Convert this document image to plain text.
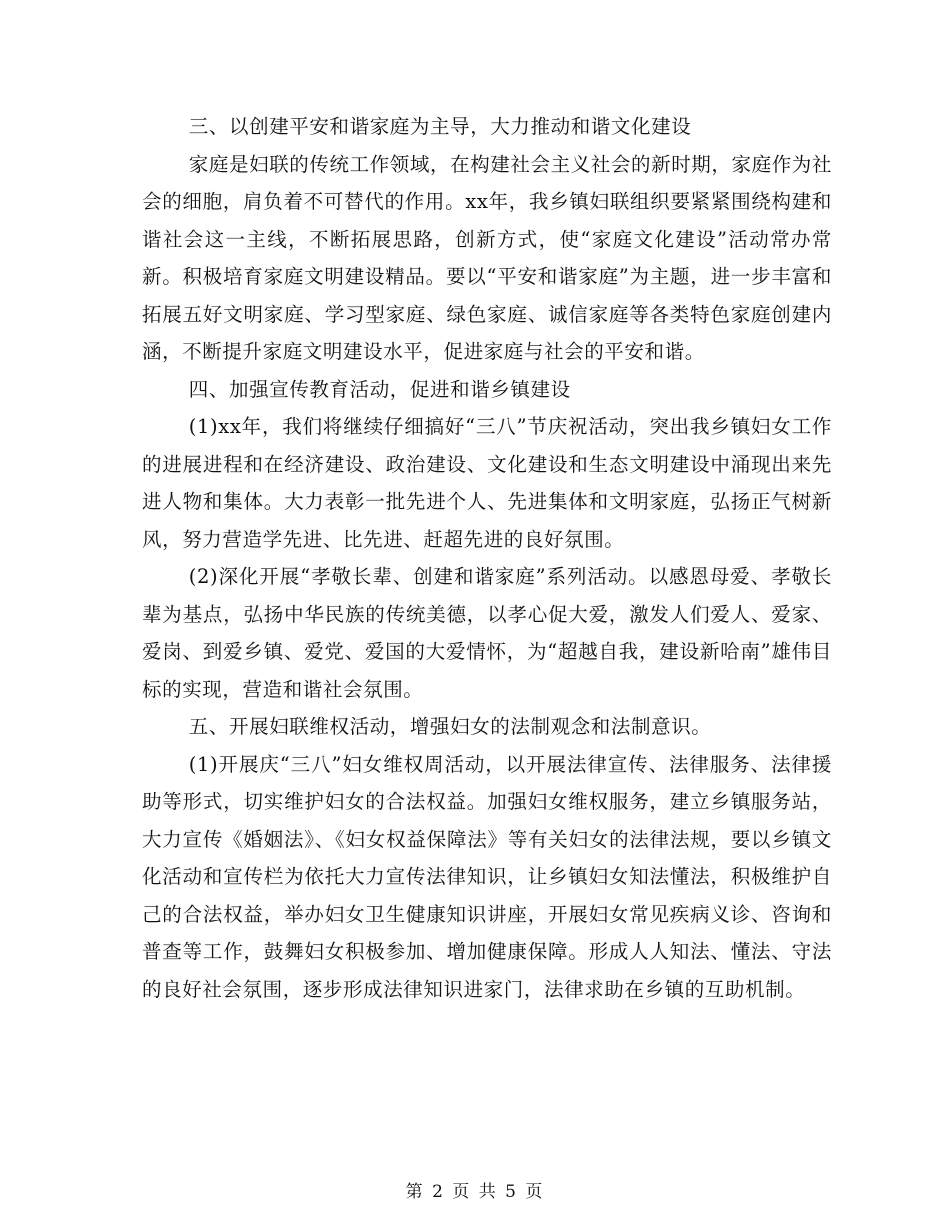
三、以创建平安和谐家庭为主导，大力推动和谐文化建设

家庭是妇联的传统工作领域，在构建社会主义社会的新时期，家庭作为社会的细胞，肩负着不可替代的作用。xx年，我乡镇妇联组织要紧紧围绕构建和谐社会这一主线，不断拓展思路，创新方式，使“家庭文化建设”活动常办常新。积极培育家庭文明建设精品。要以“平安和谐家庭”为主题，进一步丰富和拓展五好文明家庭、学习型家庭、绿色家庭、诚信家庭等各类特色家庭创建内涵，不断提升家庭文明建设水平，促进家庭与社会的平安和谐。

四、加强宣传教育活动，促进和谐乡镇建设

(1)xx年，我们将继续仔细搞好“三八”节庆祝活动，突出我乡镇妇女工作的进展进程和在经济建设、政治建设、文化建设和生态文明建设中涌现出来先进人物和集体。大力表彰一批先进个人、先进集体和文明家庭，弘扬正气树新风，努力营造学先进、比先进、赶超先进的良好氛围。

(2)深化开展“孝敬长辈、创建和谐家庭”系列活动。以感恩母爱、孝敬长辈为基点，弘扬中华民族的传统美德，以孝心促大爱，激发人们爱人、爱家、爱岗、到爱乡镇、爱党、爱国的大爱情怀，为“超越自我，建设新哈南”雄伟目标的实现，营造和谐社会氛围。

五、开展妇联维权活动，增强妇女的法制观念和法制意识。

(1)开展庆“三八”妇女维权周活动，以开展法律宣传、法律服务、法律援助等形式，切实维护妇女的合法权益。加强妇女维权服务，建立乡镇服务站，大力宣传《婚姻法》、《妇女权益保障法》等有关妇女的法律法规，要以乡镇文化活动和宣传栏为依托大力宣传法律知识，让乡镇妇女知法懂法，积极维护自己的合法权益，举办妇女卫生健康知识讲座，开展妇女常见疾病义诊、咨询和普查等工作，鼓舞妇女积极参加、增加健康保障。形成人人知法、懂法、守法的良好社会氛围，逐步形成法律知识进家门，法律求助在乡镇的互助机制。

第 2 页 共 5 页
